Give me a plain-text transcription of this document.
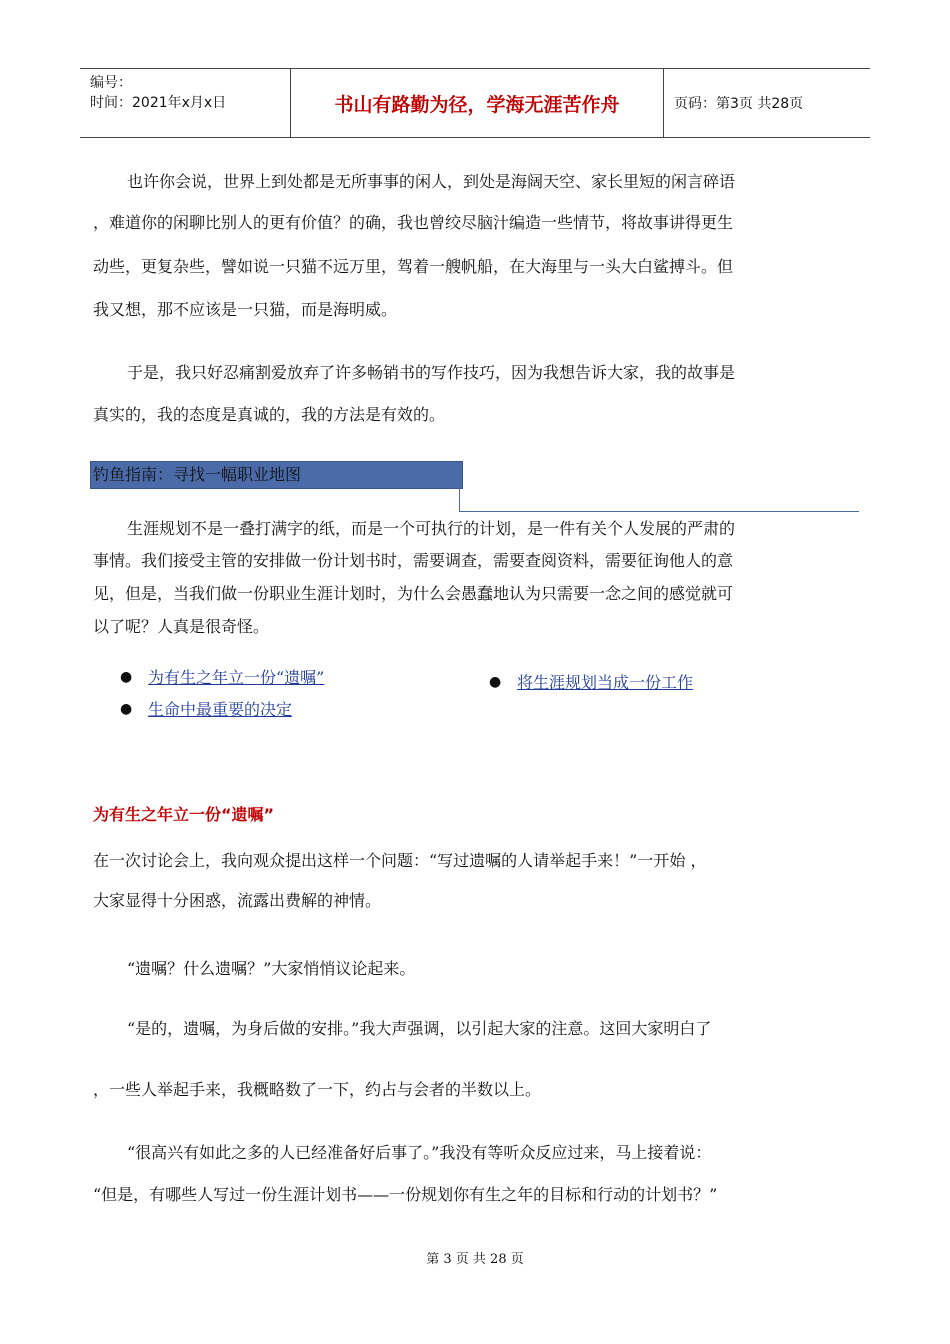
编号：
时间：2021年x月x日	书山有路勤为径，学海无涯苦作舟	页码：第3页 共28页
也许你会说，世界上到处都是无所事事的闲人，到处是海阔天空、家长里短的闲言碎语
，难道你的闲聊比别人的更有价值？的确，我也曾绞尽脑汁编造一些情节，将故事讲得更生
动些，更复杂些，譬如说一只猫不远万里，驾着一艘帆船，在大海里与一头大白鲨搏斗。但
我又想，那不应该是一只猫，而是海明威。
于是，我只好忍痛割爱放弃了许多畅销书的写作技巧，因为我想告诉大家，我的故事是
真实的，我的态度是真诚的，我的方法是有效的。
钓鱼指南：寻找一幅职业地图
生涯规划不是一叠打满字的纸，而是一个可执行的计划，是一件有关个人发展的严肃的
事情。我们接受主管的安排做一份计划书时，需要调查，需要查阅资料，需要征询他人的意
见，但是，当我们做一份职业生涯计划时，为什么会愚蠢地认为只需要一念之间的感觉就可
以了呢？人真是很奇怪。
● 为有生之年立一份“遗嘱”	● 将生涯规划当成一份工作
● 生命中最重要的决定
为有生之年立一份“遗嘱”
在一次讨论会上，我向观众提出这样一个问题：“写过遗嘱的人请举起手来！”一开始 ，
大家显得十分困惑，流露出费解的神情。
“遗嘱？什么遗嘱？”大家悄悄议论起来。
“是的，遗嘱，为身后做的安排。”我大声强调，以引起大家的注意。这回大家明白了
，一些人举起手来，我概略数了一下，约占与会者的半数以上。
“很高兴有如此之多的人已经准备好后事了。”我没有等听众反应过来，马上接着说：
“但是，有哪些人写过一份生涯计划书——一份规划你有生之年的目标和行动的计划书？”
第 3 页 共 28 页
